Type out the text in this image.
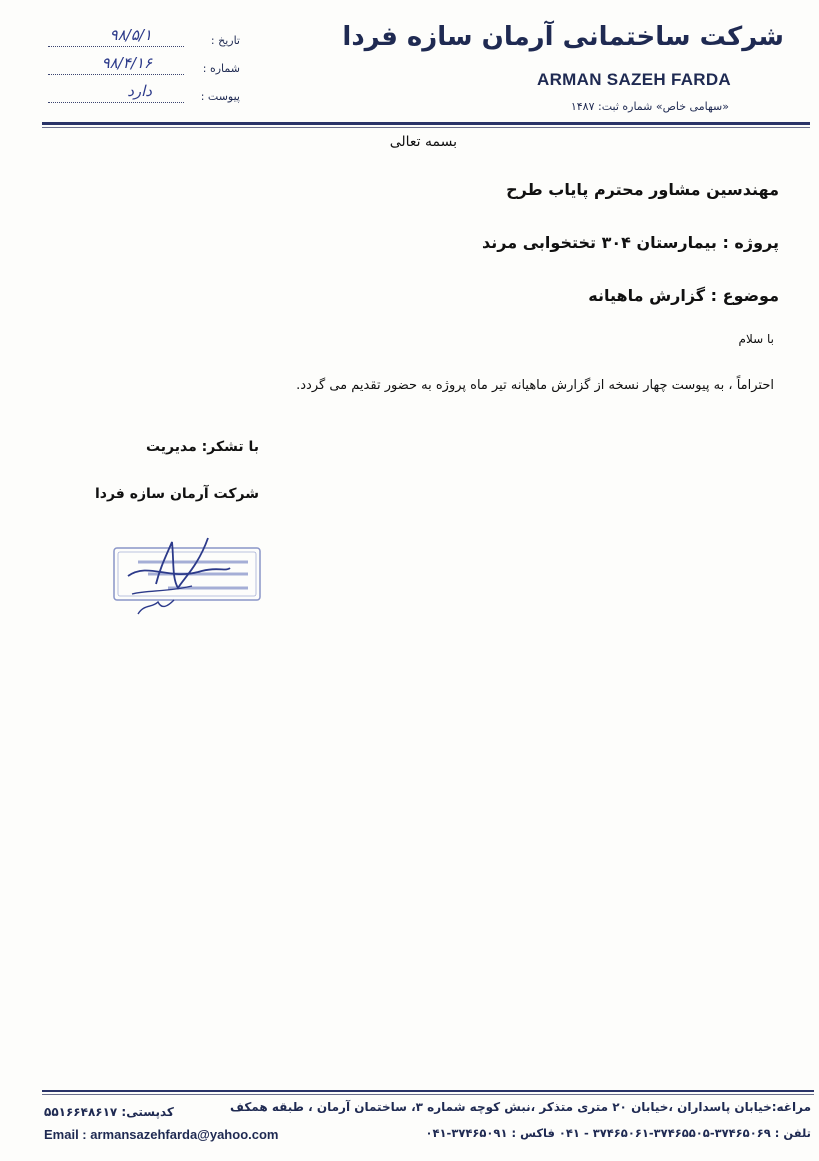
شرکت ساختمانی آرمان سازه فردا
ARMAN SAZEH FARDA
«سهامی خاص» شماره ثبت: ۱۴۸۷
تاریخ :
۹۸/۵/۱
شماره :
۹۸/۴/۱۶
پیوست :
دارد
بسمه تعالی
مهندسین مشاور محترم پایاب طرح
پروژه : بیمارستان ۳۰۴ تختخوابی مرند
موضوع : گزارش ماهیانه
با سلام
احتراماً ، به پیوست چهار نسخه از گزارش ماهیانه تیر ماه پروژه به حضور تقدیم می گردد.
با تشکر: مدیریت
شرکت آرمان سازه فردا
مراغه:خیابان پاسداران ،خیابان ۲۰ متری متذکر ،نبش کوچه شماره ۳، ساختمان آرمان ، طبقه همکف
کدپستی: ۵۵۱۶۶۴۸۶۱۷
تلفن : ۳۷۴۶۵۰۶۹-۳۷۴۶۵۵۰۵-۳۷۴۶۵۰۶۱ - ۰۴۱ فاکس : ۳۷۴۶۵۰۹۱-۰۴۱
Email : armansazehfarda@yahoo.com
